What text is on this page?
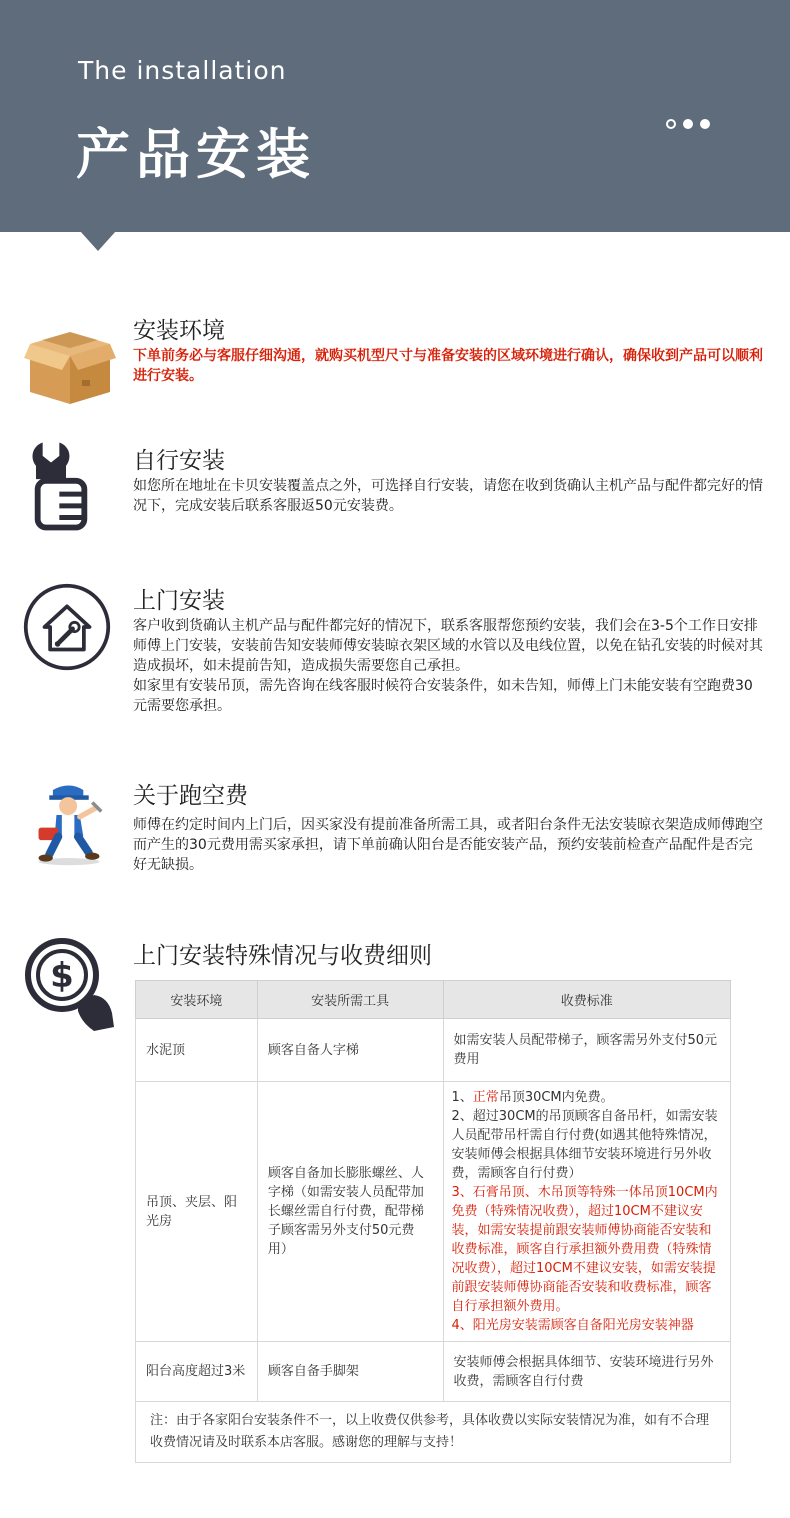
The installation
产品安装
安装环境
下单前务必与客服仔细沟通，就购买机型尺寸与准备安装的区域环境进行确认，确保收到产品可以顺利进行安装。
自行安装
如您所在地址在卡贝安装覆盖点之外，可选择自行安装，请您在收到货确认主机产品与配件都完好的情况下，完成安装后联系客服返50元安装费。
上门安装
客户收到货确认主机产品与配件都完好的情况下，联系客服帮您预约安装，我们会在3-5个工作日安排师傅上门安装，安装前告知安装师傅安装晾衣架区域的水管以及电线位置，以免在钻孔安装的时候对其造成损坏，如未提前告知，造成损失需要您自己承担。
如家里有安装吊顶，需先咨询在线客服时候符合安装条件，如未告知，师傅上门未能安装有空跑费30元需要您承担。
关于跑空费
师傅在约定时间内上门后，因买家没有提前准备所需工具，或者阳台条件无法安装晾衣架造成师傅跑空而产生的30元费用需买家承担，请下单前确认阳台是否能安装产品，预约安装前检查产品配件是否完好无缺损。
$	上门安装特殊情况与收费细则
安装环境	安装所需工具	收费标准
水泥顶	顾客自备人字梯	如需安装人员配带梯子，顾客需另外支付50元费用
吊顶、夹层、阳光房	顾客自备加长膨胀螺丝、人字梯（如需安装人员配带加长螺丝需自行付费，配带梯子顾客需另外支付50元费用）	1、正常吊顶30CM内免费。
2、超过30CM的吊顶顾客自备吊杆，如需安装人员配带吊杆需自行付费(如遇其他特殊情况，安装师傅会根据具体细节安装环境进行另外收费，需顾客自行付费）
3、石膏吊顶、木吊顶等特殊一体吊顶10CM内免费（特殊情况收费），超过10CM不建议安装，如需安装提前跟安装师傅协商能否安装和收费标准，顾客自行承担额外费用费（特殊情况收费），超过10CM不建议安装，如需安装提前跟安装师傅协商能否安装和收费标准，顾客自行承担额外费用。
4、阳光房安装需顾客自备阳光房安装神器

阳台高度超过3米	顾客自备手脚架	安装师傅会根据具体细节、安装环境进行另外收费，需顾客自行付费
注：由于各家阳台安装条件不一，以上收费仅供参考，具体收费以实际安装情况为准，如有不合理收费情况请及时联系本店客服。感谢您的理解与支持！		
